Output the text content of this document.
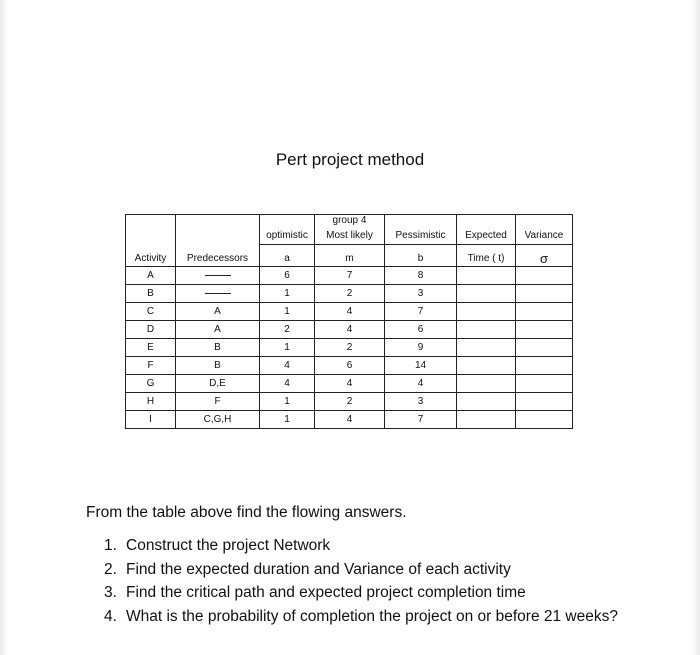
Pert project method
			group 4			
		optimistic	Most likely	Pessimistic	Expected	Variance

Activity	Predecessors	a	m	b	Time ( t)	σ
A		6	7	8		
B		1	2	3		
C	A	1	4	7		
D	A	2	4	6		
E	B	1	2	9		
F	B	4	6	14		
G	D,E	4	4	4		
H	F	1	2	3		
I	C,G,H	1	4	7		
From the table above find the flowing answers.
1. Construct the project Network
2. Find the expected duration and Variance of each activity
3. Find the critical path and expected project completion time
4. What is the probability of completion the project on or before 21 weeks?
